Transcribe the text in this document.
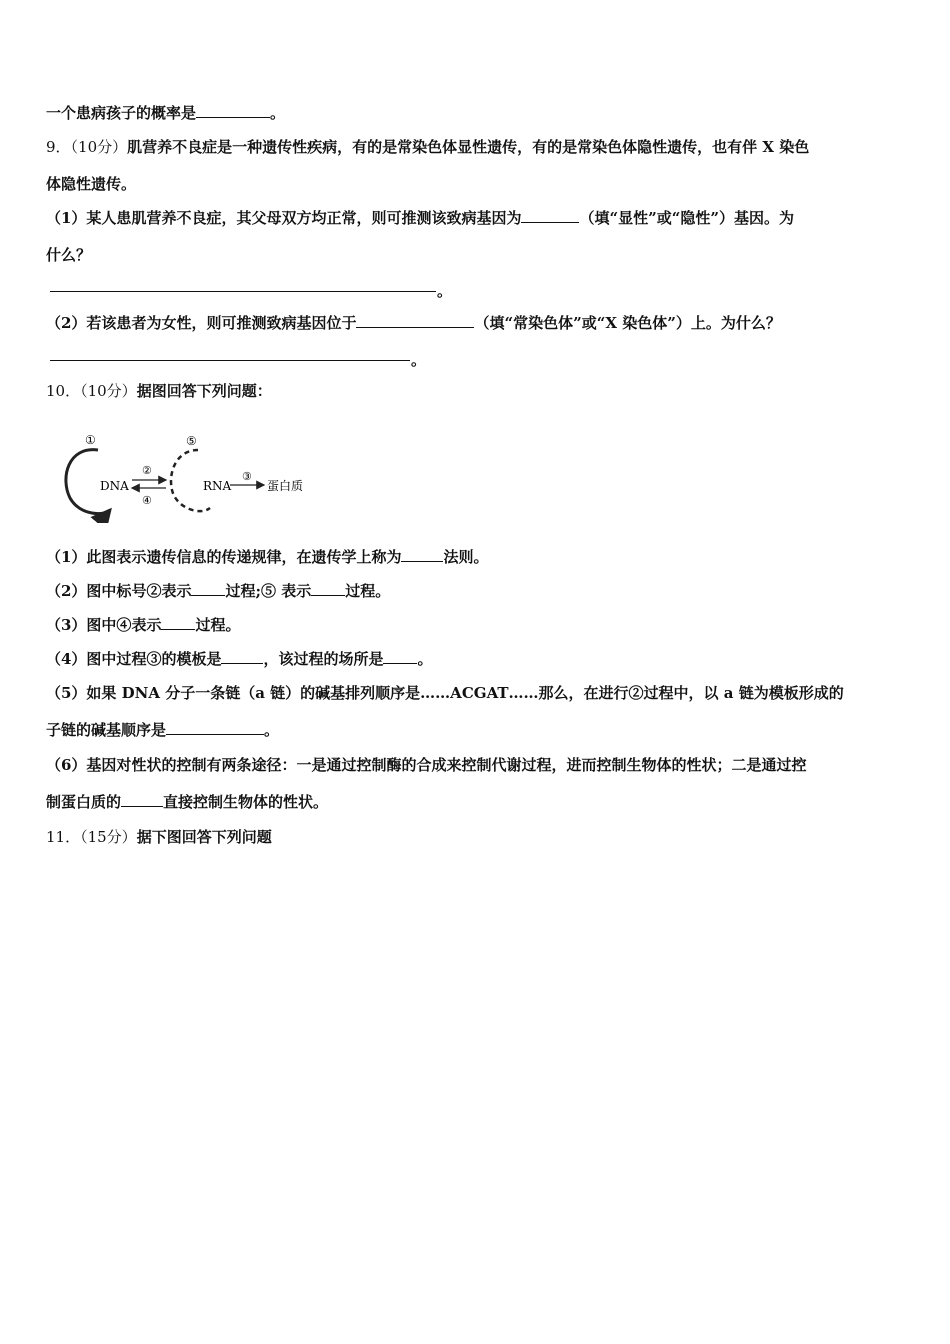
一个患病孩子的概率是	。
9．（10分）肌营养不良症是一种遗传性疾病，有的是常染色体显性遗传，有的是常染色体隐性遗传，也有伴 X 染色
体隐性遗传。
（1）某人患肌营养不良症，其父母双方均正常，则可推测该致病基因为	（填“显性”或“隐性”）基因。为
什么？
。
（2）若该患者为女性，则可推测致病基因位于	（填“常染色体”或“X 染色体”）上。为什么？
。
10．（10分）据图回答下列问题：
①
DNA
②
④
⑤
RNA
③
蛋白质
（1）此图表示遗传信息的传递规律，在遗传学上称为	法则。
（2）图中标号②表示 过程;⑤ 表示 过程。
（3）图中④表示 过程。
（4）图中过程③的模板是	，该过程的场所是 。
（5）如果 DNA 分子一条链（a 链）的碱基排列顺序是……ACGAT……那么，在进行②过程中，以 a 链为模板形成的
子链的碱基顺序是	。
（6）基因对性状的控制有两条途径：一是通过控制酶的合成来控制代谢过程，进而控制生物体的性状；二是通过控
制蛋白质的	直接控制生物体的性状。
11．（15分）据下图回答下列问题
